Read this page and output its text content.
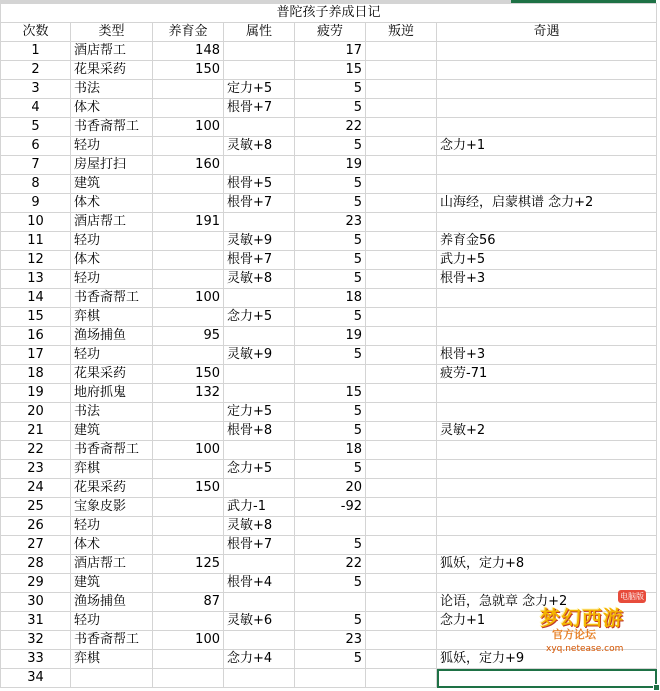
普陀孩子养成日记						
次数	类型	养育金	属性	疲劳	叛逆	奇遇
1	酒店帮工	148		17		
2	花果采药	150		15		
3	书法		定力+5	5		
4	体术		根骨+7	5		
5	书香斋帮工	100		22		
6	轻功		灵敏+8	5		念力+1
7	房屋打扫	160		19		
8	建筑		根骨+5	5		
9	体术		根骨+7	5		山海经，启蒙棋谱 念力+2
10	酒店帮工	191		23		
11	轻功		灵敏+9	5		养育金56
12	体术		根骨+7	5		武力+5
13	轻功		灵敏+8	5		根骨+3
14	书香斋帮工	100		18		
15	弈棋		念力+5	5		
16	渔场捕鱼	95		19		
17	轻功		灵敏+9	5		根骨+3
18	花果采药	150				疲劳-71
19	地府抓鬼	132		15		
20	书法		定力+5	5		
21	建筑		根骨+8	5		灵敏+2
22	书香斋帮工	100		18		
23	弈棋		念力+5	5		
24	花果采药	150		20		
25	宝象皮影		武力-1	-92		
26	轻功		灵敏+8			
27	体术		根骨+7	5		
28	酒店帮工	125		22		狐妖，定力+8
29	建筑		根骨+4	5		
30	渔场捕鱼	87				论语，急就章 念力+2
31	轻功		灵敏+6	5		念力+1
32	书香斋帮工	100		23		
33	弈棋		念力+4	5		狐妖，定力+9
34						
电脑版
梦幻西游
官方论坛
xyq.netease.com
